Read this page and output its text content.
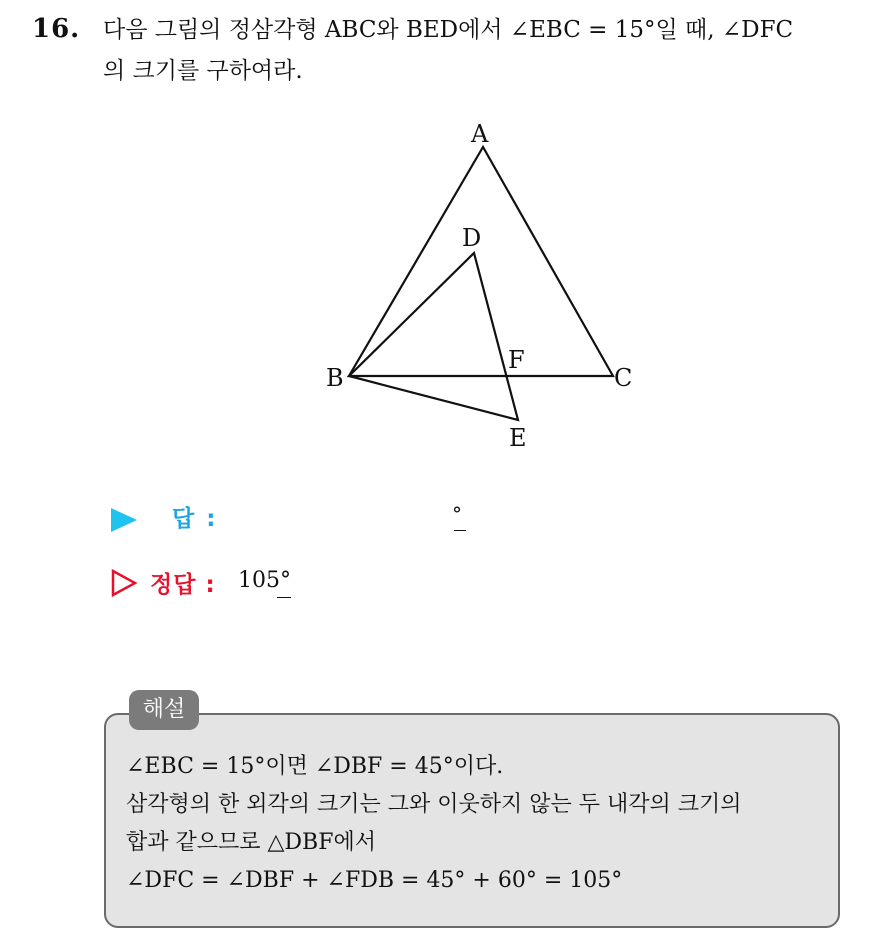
16. 다음 그림의 정삼각형 ABC와 BED에서 ∠EBC = 15°일 때, ∠DFC
의 크기를 구하여라.
A
D
B
F
C
E
답 :	°
정답 : 105°
해설
∠EBC = 15°이면 ∠DBF = 45°이다.
삼각형의 한 외각의 크기는 그와 이웃하지 않는 두 내각의 크기의
합과 같으므로 △DBF에서
∠DFC = ∠DBF + ∠FDB = 45° + 60° = 105°
